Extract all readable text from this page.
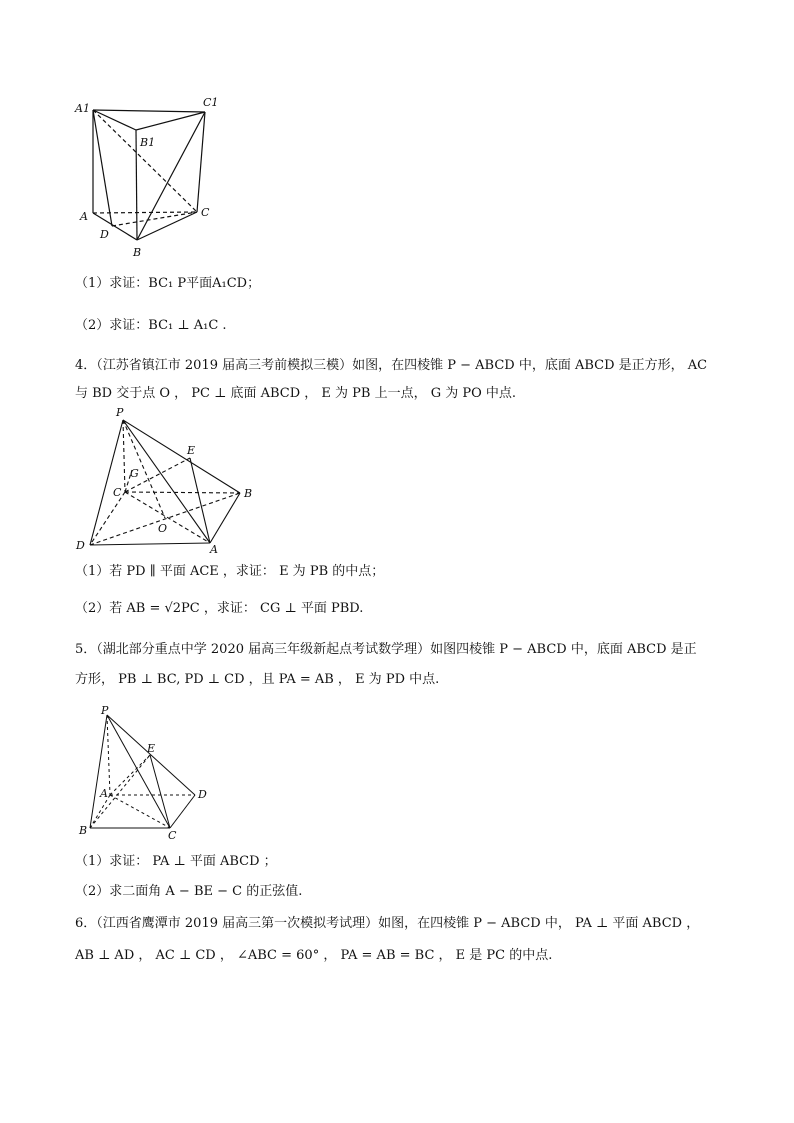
A1	C1
B1
A	C
D
B
（1）求证：BC₁ P平面A₁CD；
（2）求证：BC₁ ⊥ A₁C .
4．（江苏省镇江市 2019 届高三考前模拟三模）如图，在四棱锥 P − ABCD 中，底面 ABCD 是正方形， AC
与 BD 交于点 O ， PC ⊥ 底面 ABCD ， E 为 PB 上一点， G 为 PO 中点.
P
E
G
C	B
O
D	A
（1）若 PD ∥ 平面 ACE ，求证： E 为 PB 的中点；
（2）若 AB = √2PC ，求证： CG ⊥ 平面 PBD.
5．（湖北部分重点中学 2020 届高三年级新起点考试数学理）如图四棱锥 P − ABCD 中，底面 ABCD 是正
方形， PB ⊥ BC, PD ⊥ CD ，且 PA = AB ， E 为 PD 中点.
P
E
A	D
B	C
（1）求证： PA ⊥ 平面 ABCD ；
（2）求二面角 A − BE − C 的正弦值.
6．（江西省鹰潭市 2019 届高三第一次模拟考试理）如图，在四棱锥 P − ABCD 中， PA ⊥ 平面 ABCD ，
AB ⊥ AD ， AC ⊥ CD ， ∠ABC = 60° ， PA = AB = BC ， E 是 PC 的中点.
